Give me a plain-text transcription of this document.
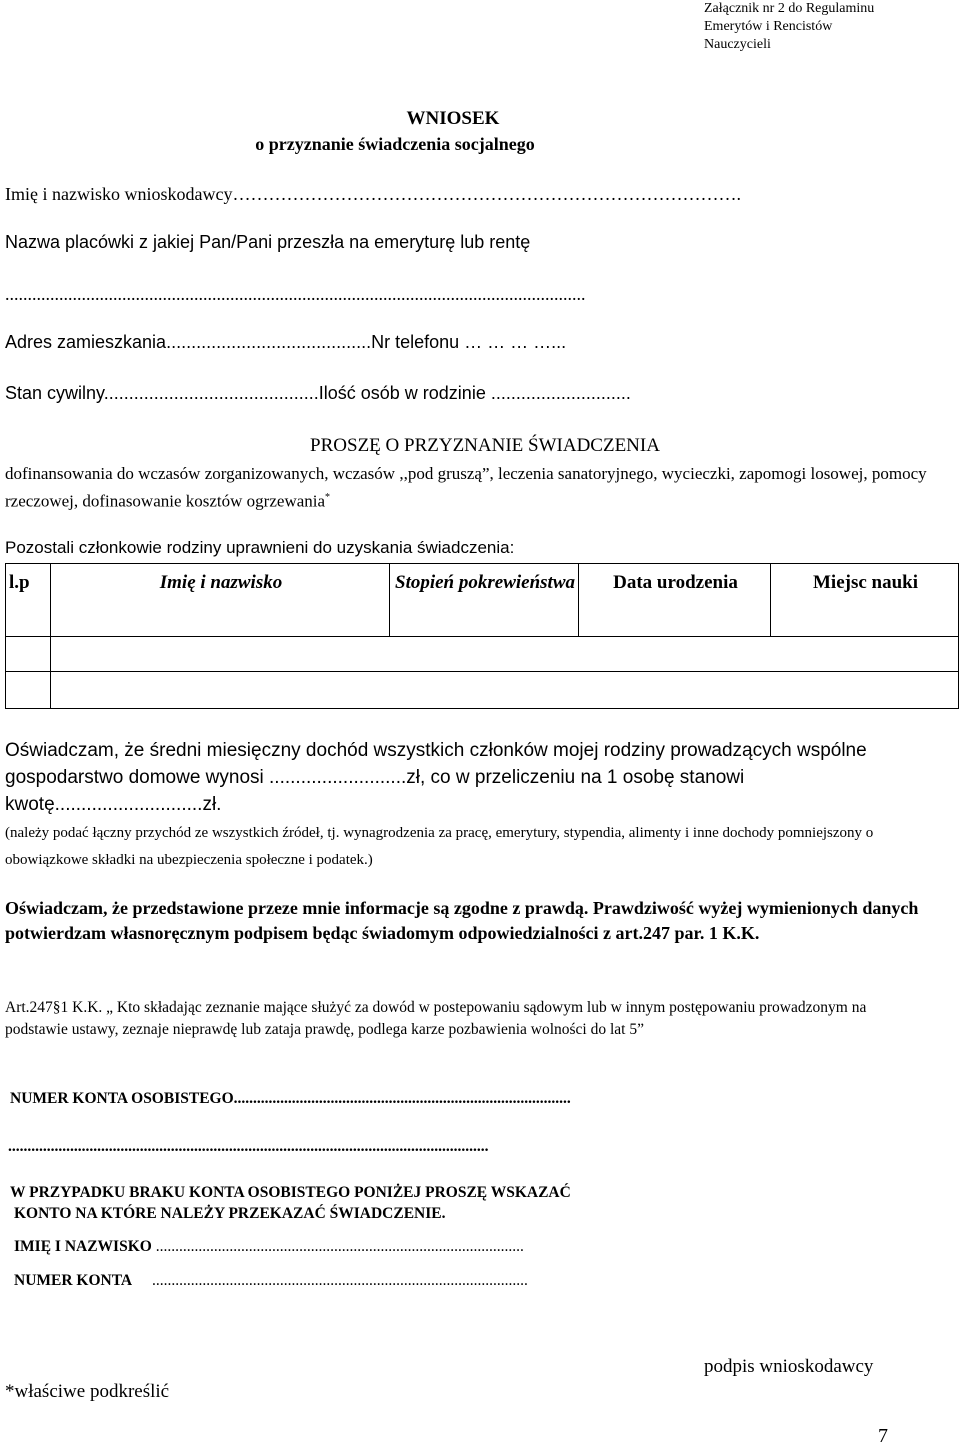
Załącznik nr 2 do Regulaminu
Emerytów i Rencistów
Nauczycieli
WNIOSEK
o przyznanie świadczenia socjalnego
Imię i nazwisko wnioskodawcy………………………………………………………………………….
Nazwa placówki z jakiej Pan/Pani przeszła na emeryturę lub rentę
.................................................................................................................................
Adres zamieszkania.........................................Nr telefonu … … … …...
Stan cywilny...........................................Ilość osób w rodzinie ............................
PROSZĘ O PRZYZNANIE ŚWIADCZENIA
dofinansowania do wczasów zorganizowanych, wczasów ,,pod gruszą”, leczenia sanatoryjnego, wycieczki, zapomogi losowej, pomocy rzeczowej, dofinasowanie kosztów ogrzewania*
Pozostali członkowie rodziny uprawnieni do uzyskania świadczenia:
l.p	Imię i nazwisko	Stopień pokrewieństwa	Data urodzenia	Miejsc nauki

Oświadczam, że średni miesięczny dochód wszystkich członków mojej rodziny prowadzących wspólne gospodarstwo domowe wynosi ..........................zł, co w przeliczeniu na 1 osobę stanowi kwotę............................zł.
(należy podać łączny przychód ze wszystkich źródeł, tj. wynagrodzenia za pracę, emerytury, stypendia, alimenty i inne dochody pomniejszony o obowiązkowe składki na ubezpieczenia społeczne i podatek.)
Oświadczam, że przedstawione przeze mnie informacje są zgodne z prawdą. Prawdziwość wyżej wymienionych danych potwierdzam własnoręcznym podpisem będąc świadomym odpowiedzialności z art.247 par. 1 K.K.
Art.247§1 K.K. „ Kto składając zeznanie mające służyć za dowód w postepowaniu sądowym lub w innym postępowaniu prowadzonym na podstawie ustawy, zeznaje nieprawdę lub zataja prawdę, podlega karze pozbawienia wolności do lat 5”
NUMER KONTA OSOBISTEGO.......................................................................................
............................................................................................................................
W PRZYPADKU BRAKU KONTA OSOBISTEGO PONIŻEJ PROSZĘ WSKAZAĆ
KONTO NA KTÓRE NALEŻY PRZEKAZAĆ ŚWIADCZENIE.
IMIĘ I NAZWISKO ...............................................................................................
NUMER KONTA .................................................................................................
podpis wnioskodawcy
*właściwe podkreślić
7
